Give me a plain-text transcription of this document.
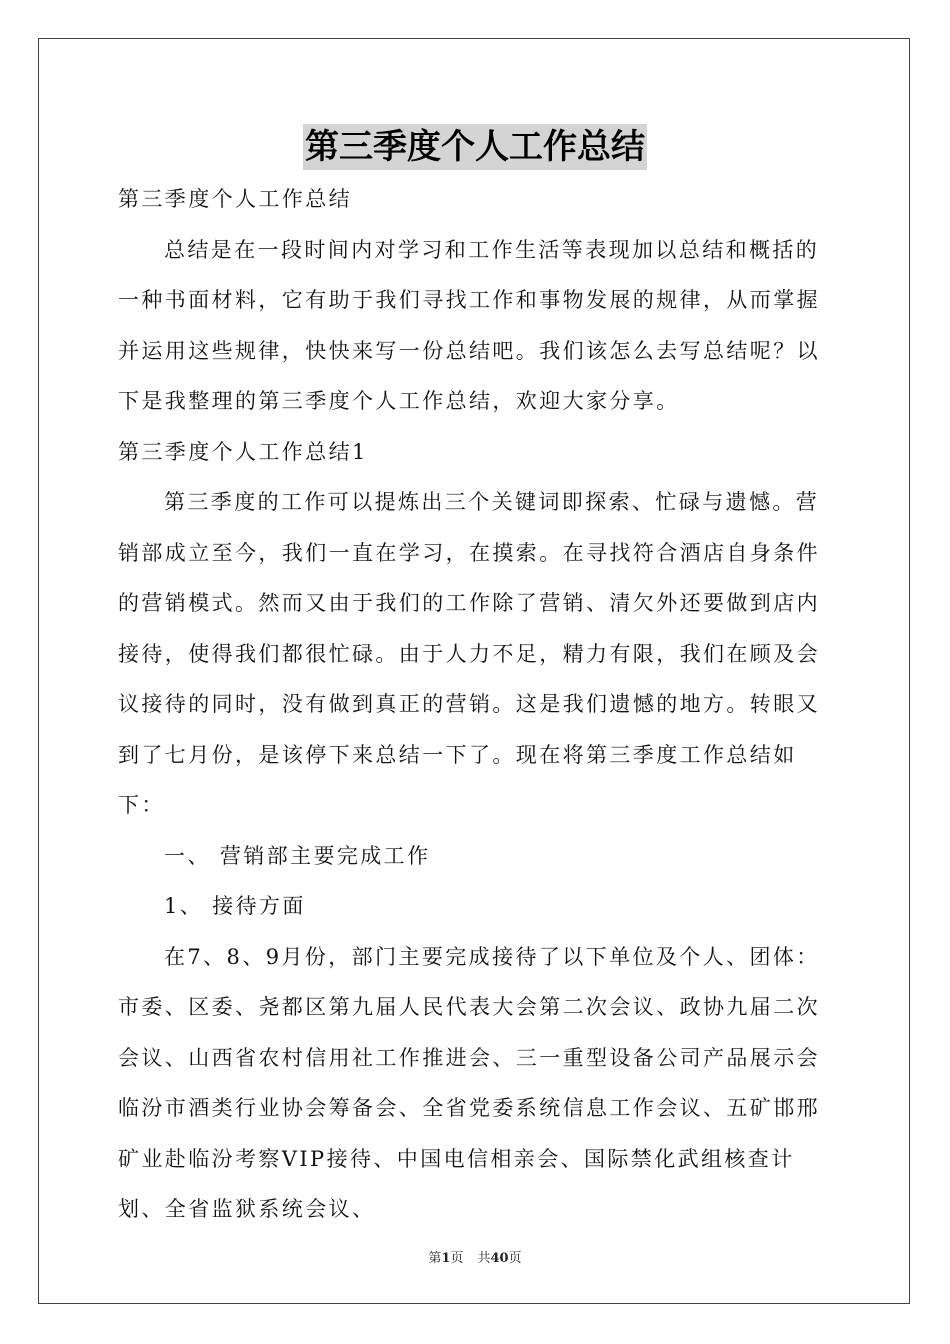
第三季度个人工作总结

第三季度个人工作总结

总结是在一段时间内对学习和工作生活等表现加以总结和概括的一种书面材料，它有助于我们寻找工作和事物发展的规律，从而掌握并运用这些规律，快快来写一份总结吧。我们该怎么去写总结呢？以下是我整理的第三季度个人工作总结，欢迎大家分享。

第三季度个人工作总结1

第三季度的工作可以提炼出三个关键词即探索、忙碌与遗憾。营销部成立至今，我们一直在学习，在摸索。在寻找符合酒店自身条件的营销模式。然而又由于我们的工作除了营销、清欠外还要做到店内接待，使得我们都很忙碌。由于人力不足，精力有限，我们在顾及会议接待的同时，没有做到真正的营销。这是我们遗憾的地方。转眼又到了七月份，是该停下来总结一下了。现在将第三季度工作总结如下：

一、 营销部主要完成工作

1、 接待方面

在7、8、9月份，部门主要完成接待了以下单位及个人、团体：

市委、区委、尧都区第九届人民代表大会第二次会议、政协九届二次会议、山西省农村信用社工作推进会、三一重型设备公司产品展示会临汾市酒类行业协会筹备会、全省党委系统信息工作会议、五矿邯邢矿业赴临汾考察VIP接待、中国电信相亲会、国际禁化武组核查计划、全省监狱系统会议、

第1页 共40页
